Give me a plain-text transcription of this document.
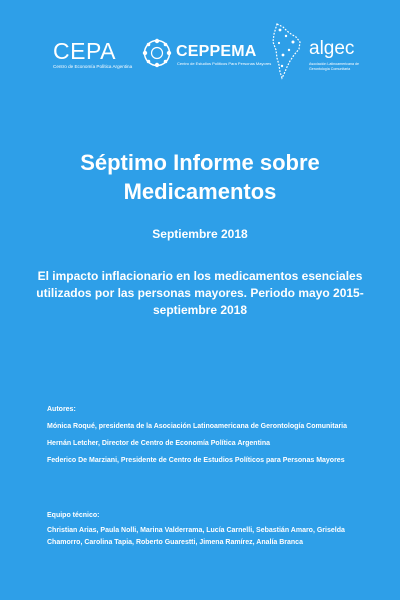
CEPA
Centro de Economía Política Argentina
CEPPEMA
Centro de Estudios Políticos Para Personas Mayores
algec
Asociación Latinoamericana de Gerontología Comunitaria
Séptimo Informe sobre Medicamentos
Septiembre 2018
El impacto inflacionario en los medicamentos esenciales utilizados por las personas mayores. Periodo mayo 2015-septiembre 2018
Autores:
Mónica Roqué, presidenta de la Asociación Latinoamericana de Gerontología Comunitaria
Hernán Letcher, Director de Centro de Economía Política Argentina
Federico De Marziani, Presidente de Centro de Estudios Políticos para Personas Mayores
Equipo técnico:
Christian Arias, Paula Nolli, Marina Valderrama, Lucía Carnelli, Sebastián Amaro, Griselda Chamorro, Carolina Tapia, Roberto Guarestti, Jimena Ramírez, Analía Branca
